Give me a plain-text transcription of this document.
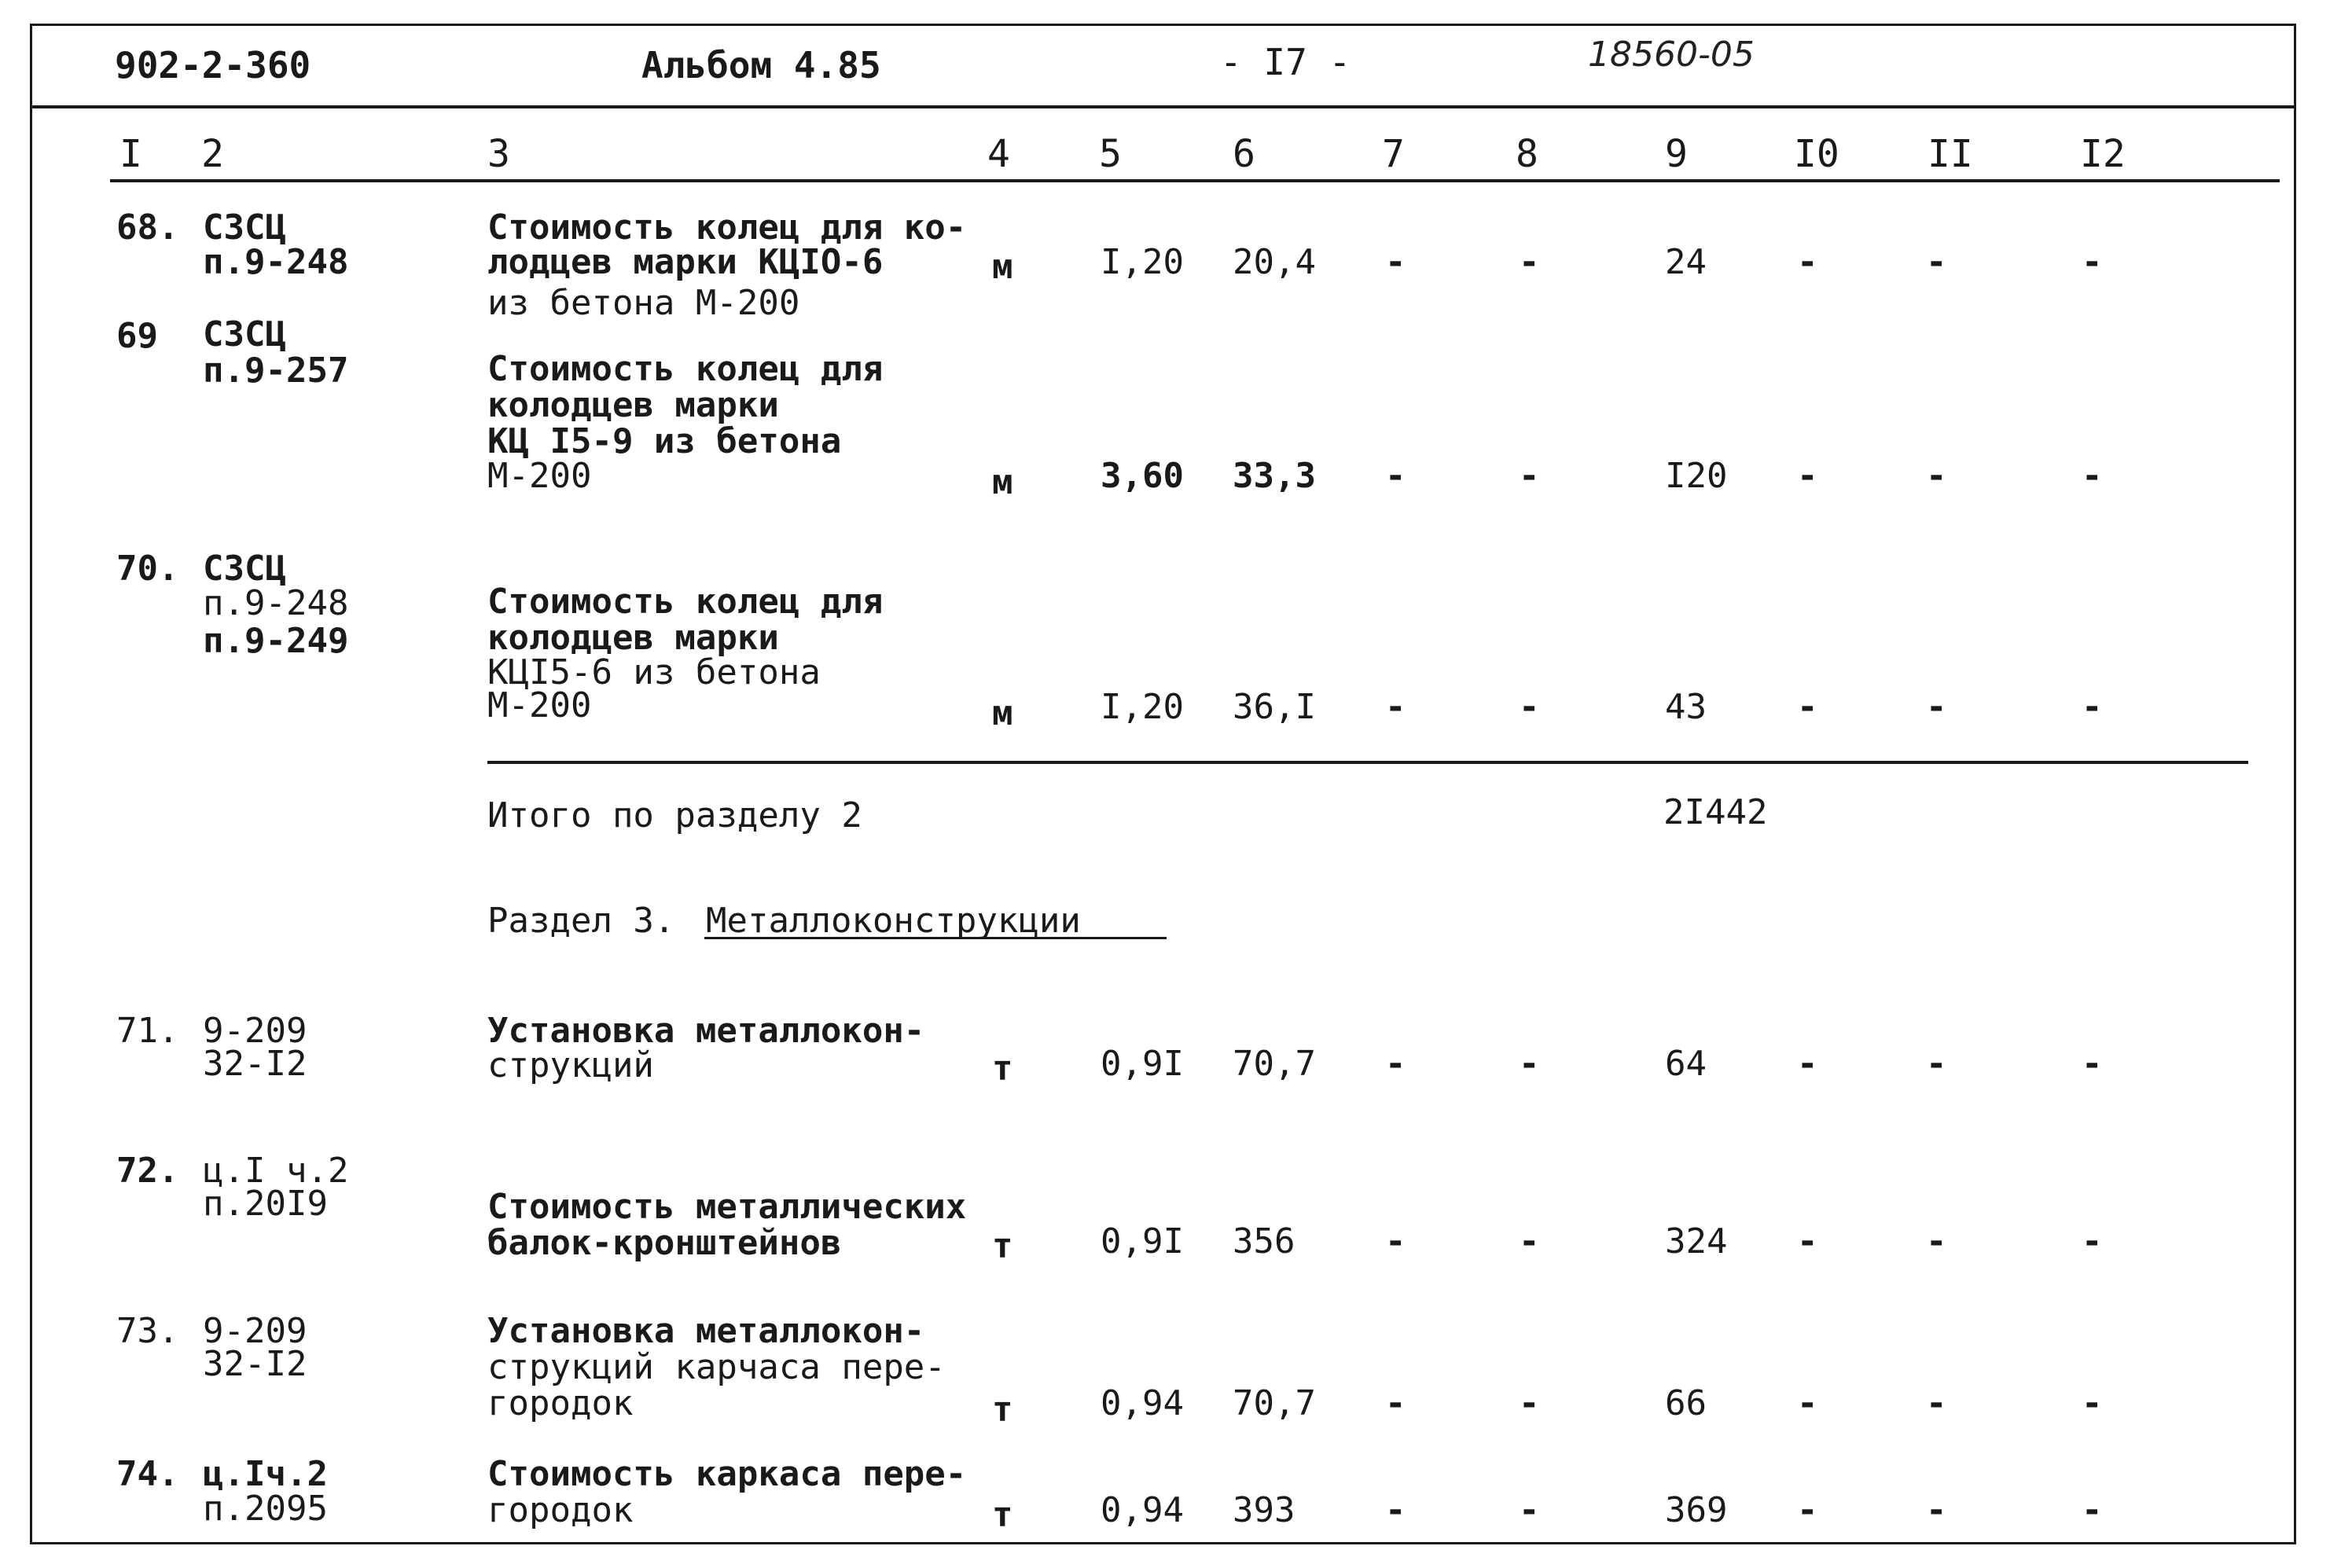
902-2-360	Альбом 4.85	- I7 -	18560-05
I 2	3	4 5	6	7	8	9	I0 II	I2
68. СЗСЦ
п.9-248
Стоимость колец для ко-
лодцев марки КЦIO-6
из бетона М-200
м	I,20 20,4 -	-	24	-	-	-
69 СЗСЦ
п.9-257	Стоимость колец для
колодцев марки
КЦ I5-9 из бетона
М-200	м	3,60 33,3 -	-	I20 -	-	-
70. СЗСЦ
п.9-248
п.9-249
Стоимость колец для
колодцев марки
КЦI5-6 из бетона
М-200	м	I,20 36,I -	-	43	-	-	-
Итого по разделу 2	2I442
Раздел 3. Металлоконструкции
71. 9-209
32-I2
Установка металлокон-
струкций	т	0,9I 70,7 -	-	64	-	-	-
72. ц.I ч.2
п.20I9	Стоимость металлических
балок-кронштейнов	т	0,9I 356	-	-	324 -	-	-
73. 9-209
32-I2
Установка металлокон-
струкций карчаса пере-
городок	т	0,94 70,7 -	-	66	-	-	-
74. ц.Iч.2
п.2095
Стоимость каркаса пере-
городок	т	0,94 393	-	-	369 -	-	-
